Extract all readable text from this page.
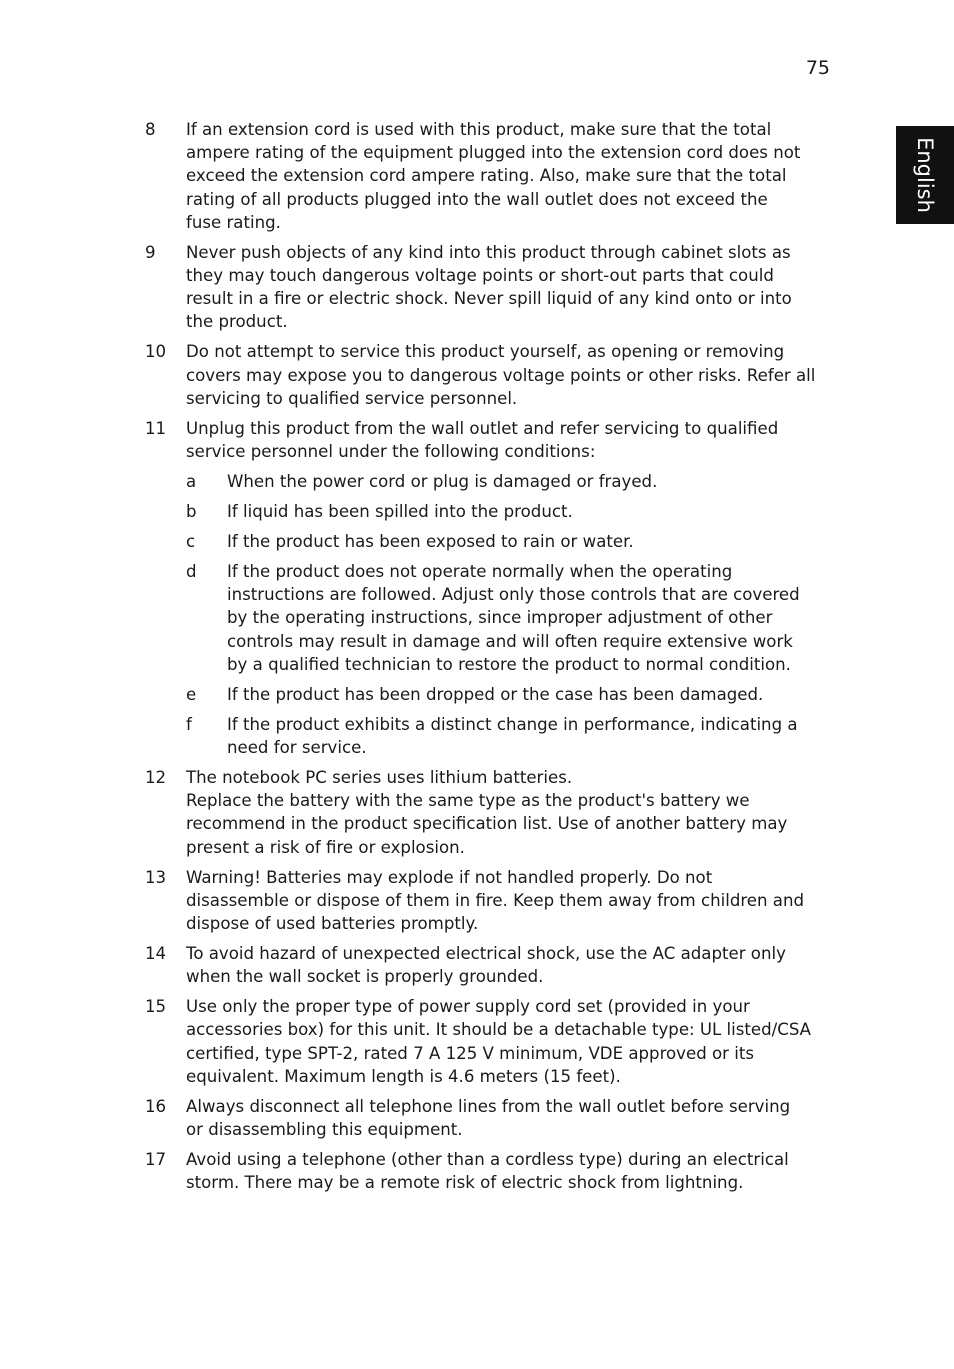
75
English
8	If an extension cord is used with this product, make sure that the total
ampere rating of the equipment plugged into the extension cord does not
exceed the extension cord ampere rating. Also, make sure that the total
rating of all products plugged into the wall outlet does not exceed the
fuse rating.
9	Never push objects of any kind into this product through cabinet slots as
they may touch dangerous voltage points or short-out parts that could
result in a fire or electric shock. Never spill liquid of any kind onto or into
the product.
10	Do not attempt to service this product yourself, as opening or removing
covers may expose you to dangerous voltage points or other risks. Refer all
servicing to qualified service personnel.
11	Unplug this product from the wall outlet and refer servicing to qualified
service personnel under the following conditions:
a	When the power cord or plug is damaged or frayed.
b	If liquid has been spilled into the product.
c	If the product has been exposed to rain or water.
d	If the product does not operate normally when the operating
instructions are followed. Adjust only those controls that are covered
by the operating instructions, since improper adjustment of other
controls may result in damage and will often require extensive work
by a qualified technician to restore the product to normal condition.
e	If the product has been dropped or the case has been damaged.
f	If the product exhibits a distinct change in performance, indicating a
need for service.
12	The notebook PC series uses lithium batteries.
Replace the battery with the same type as the product's battery we
recommend in the product specification list. Use of another battery may
present a risk of fire or explosion.
13	Warning! Batteries may explode if not handled properly. Do not
disassemble or dispose of them in fire. Keep them away from children and
dispose of used batteries promptly.
14	To avoid hazard of unexpected electrical shock, use the AC adapter only
when the wall socket is properly grounded.
15	Use only the proper type of power supply cord set (provided in your
accessories box) for this unit. It should be a detachable type: UL listed/CSA
certified, type SPT-2, rated 7 A 125 V minimum, VDE approved or its
equivalent. Maximum length is 4.6 meters (15 feet).
16	Always disconnect all telephone lines from the wall outlet before serving
or disassembling this equipment.
17	Avoid using a telephone (other than a cordless type) during an electrical
storm. There may be a remote risk of electric shock from lightning.
